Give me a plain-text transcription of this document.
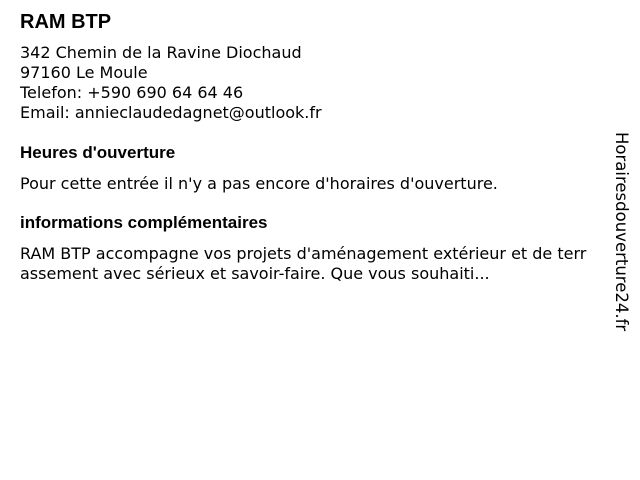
RAM BTP
342 Chemin de la Ravine Diochaud
97160 Le Moule
Telefon: +590 690 64 64 46
Email: annieclaudedagnet@outlook.fr
Heures d'ouverture
Pour cette entrée il n'y a pas encore d'horaires d'ouverture.
informations complémentaires
RAM BTP accompagne vos projets d'aménagement extérieur et de terrassement avec sérieux et savoir-faire. Que vous souhaiti...	Horairesdouverture24.fr
